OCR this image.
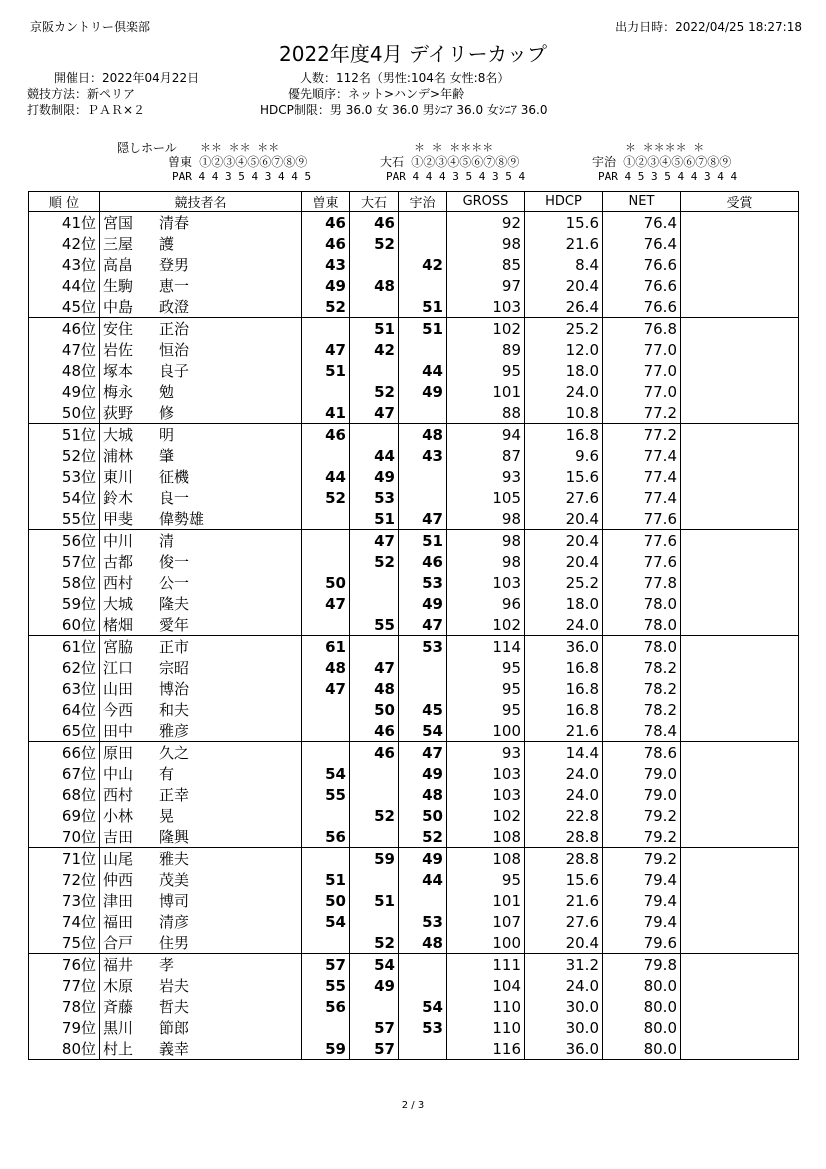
京阪カントリー倶楽部	出力日時：2022/04/25 18:27:18
2022年度4月 デイリーカップ
開催日：2022年04月22日
競技方法：新ペリア
打数制限：ＰＡＲ×２
人数：112名（男性:104名 女性:8名）
優先順序：ネット>ハンデ>年齢
HDCP制限：男 36.0 女 36.0 男ｼﾆｱ 36.0 女ｼﾆｱ 36.0
隠しホール ＊＊ ＊＊ ＊＊
曽東 ①②③④⑤⑥⑦⑧⑨
PAR 4 4 3 5 4 3 4 4 5
＊ ＊ ＊＊＊＊
大石 ①②③④⑤⑥⑦⑧⑨
PAR 4 4 4 3 5 4 3 5 4
＊ ＊＊＊＊ ＊
宇治 ①②③④⑤⑥⑦⑧⑨
PAR 4 5 3 5 4 4 3 4 4
順 位	競技者名	曽東	大石	宇治	GROSS	HDCP	NET	受賞
41位	宮国 清春	46	46		92	15.6	76.4	
42位	三屋 護	46	52		98	21.6	76.4	
43位	高畠 登男	43		42	85	8.4	76.6	
44位	生駒 恵一	49	48		97	20.4	76.6	
45位	中島 政澄	52		51	103	26.4	76.6	
46位	安住 正治		51	51	102	25.2	76.8	
47位	岩佐 恒治	47	42		89	12.0	77.0	
48位	塚本 良子	51		44	95	18.0	77.0	
49位	梅永 勉		52	49	101	24.0	77.0	
50位	荻野 修	41	47		88	10.8	77.2	
51位	大城 明	46		48	94	16.8	77.2	
52位	浦林 肇		44	43	87	9.6	77.4	
53位	東川 征機	44	49		93	15.6	77.4	
54位	鈴木 良一	52	53		105	27.6	77.4	
55位	甲斐 偉勢雄		51	47	98	20.4	77.6	
56位	中川 清		47	51	98	20.4	77.6	
57位	古都 俊一		52	46	98	20.4	77.6	
58位	西村 公一	50		53	103	25.2	77.8	
59位	大城 隆夫	47		49	96	18.0	78.0	
60位	楮畑 愛年		55	47	102	24.0	78.0	
61位	宮脇 正市	61		53	114	36.0	78.0	
62位	江口 宗昭	48	47		95	16.8	78.2	
63位	山田 博治	47	48		95	16.8	78.2	
64位	今西 和夫		50	45	95	16.8	78.2	
65位	田中 雅彦		46	54	100	21.6	78.4	
66位	原田 久之		46	47	93	14.4	78.6	
67位	中山 有	54		49	103	24.0	79.0	
68位	西村 正幸	55		48	103	24.0	79.0	
69位	小林 晃		52	50	102	22.8	79.2	
70位	吉田 隆興	56		52	108	28.8	79.2	
71位	山尾 雅夫		59	49	108	28.8	79.2	
72位	仲西 茂美	51		44	95	15.6	79.4	
73位	津田 博司	50	51		101	21.6	79.4	
74位	福田 清彦	54		53	107	27.6	79.4	
75位	合戸 住男		52	48	100	20.4	79.6	
76位	福井 孝	57	54		111	31.2	79.8	
77位	木原 岩夫	55	49		104	24.0	80.0	
78位	斉藤 哲夫	56		54	110	30.0	80.0	
79位	黒川 節郎		57	53	110	30.0	80.0	
80位	村上 義幸	59	57		116	36.0	80.0	
2 / 3
